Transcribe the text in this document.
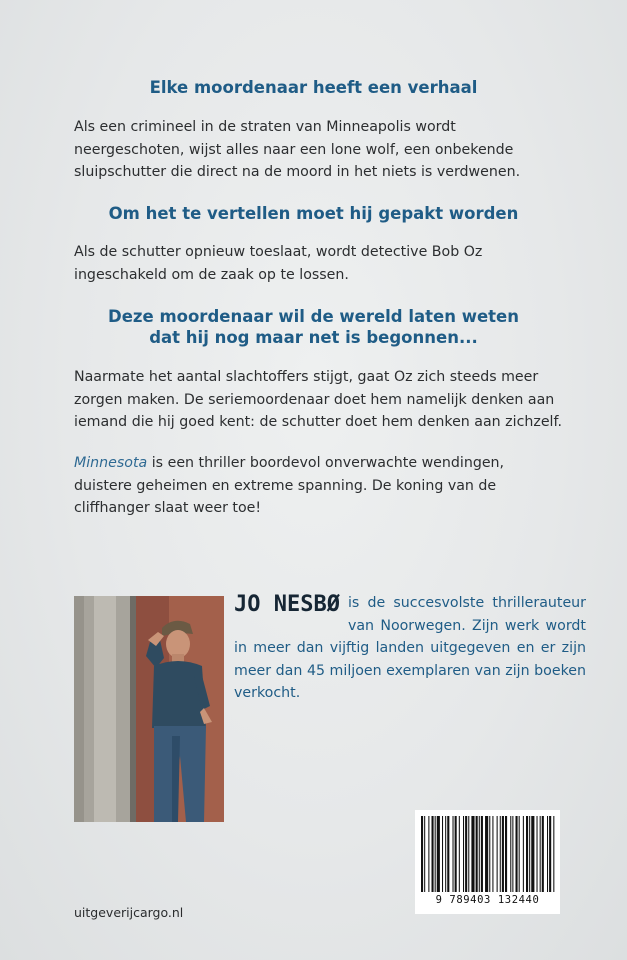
Elke moordenaar heeft een verhaal

Als een crimineel in de straten van Minneapolis wordt neergeschoten, wijst alles naar een lone wolf, een onbekende sluipschutter die direct na de moord in het niets is verdwenen.

Om het te vertellen moet hij gepakt worden

Als de schutter opnieuw toeslaat, wordt detective Bob Oz ingeschakeld om de zaak op te lossen.

Deze moordenaar wil de wereld laten weten
dat hij nog maar net is begonnen...

Naarmate het aantal slachtoffers stijgt, gaat Oz zich steeds meer zorgen maken. De seriemoordenaar doet hem namelijk denken aan iemand die hij goed kent: de schutter doet hem denken aan zichzelf.

Minnesota is een thriller boordevol onverwachte wendingen, duistere geheimen en extreme spanning. De koning van de cliffhanger slaat weer toe!

JO NESBØ is de succesvolste thrillerauteur van Noorwegen. Zijn werk wordt in meer dan vijftig landen uitgegeven en er zijn meer dan 45 miljoen exemplaren van zijn boeken verkocht.
uitgeverijcargo.nl
9 789403 132440
